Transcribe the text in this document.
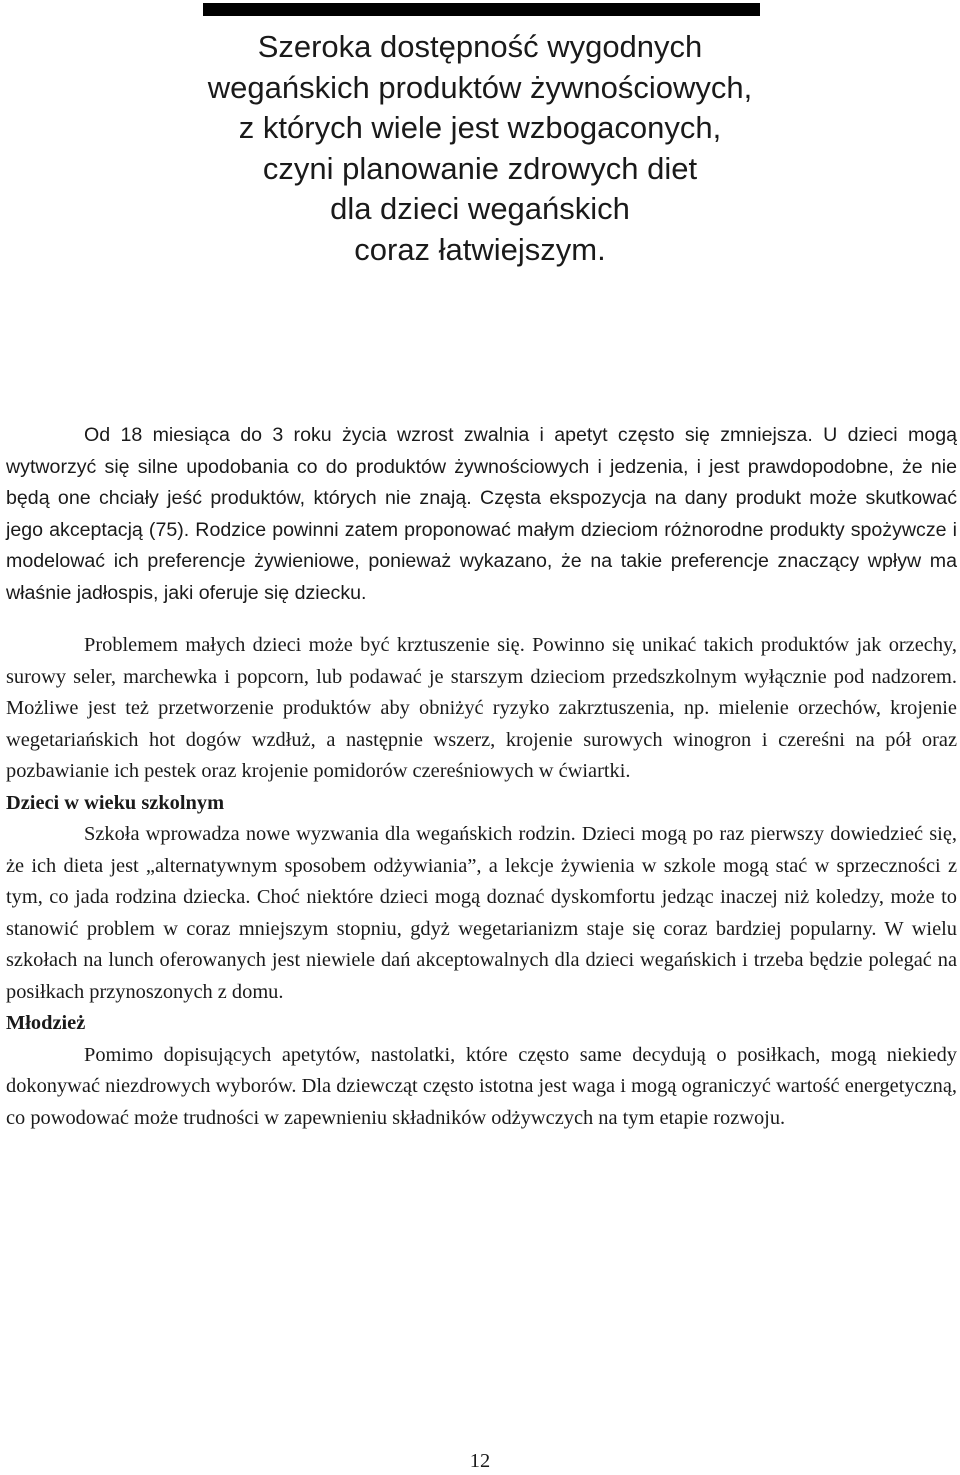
Szeroka dostępność wygodnych
wegańskich produktów żywnościowych,
z których wiele jest wzbogaconych,
czyni planowanie zdrowych diet
dla dzieci wegańskich
coraz łatwiejszym.

Od 18 miesiąca do 3 roku życia wzrost zwalnia i apetyt często się zmniejsza. U dzieci mogą wytworzyć się silne upodobania co do produktów żywnościowych i jedzenia, i jest prawdopodobne, że nie będą one chciały jeść produktów, których nie znają. Częsta ekspozycja na dany produkt może skutkować jego akceptacją (75). Rodzice powinni zatem proponować małym dzieciom różnorodne produkty spożywcze i modelować ich preferencje żywieniowe, ponieważ wykazano, że na takie preferencje znaczący wpływ ma właśnie jadłospis, jaki oferuje się dziecku.

Problemem małych dzieci może być krztuszenie się. Powinno się unikać takich produktów jak orzechy, surowy seler, marchewka i popcorn, lub podawać je starszym dzieciom przedszkolnym wyłącznie pod nadzorem. Możliwe jest też przetworzenie produktów aby obniżyć ryzyko zakrztuszenia, np. mielenie orzechów, krojenie wegetariańskich hot dogów wzdłuż, a następnie wszerz, krojenie surowych winogron i czereśni na pół oraz pozbawianie ich pestek oraz krojenie pomidorów czereśniowych w ćwiartki.

Dzieci w wieku szkolnym

Szkoła wprowadza nowe wyzwania dla wegańskich rodzin. Dzieci mogą po raz pierwszy dowiedzieć się, że ich dieta jest „alternatywnym sposobem odżywiania”, a lekcje żywienia w szkole mogą stać w sprzeczności z tym, co jada rodzina dziecka. Choć niektóre dzieci mogą doznać dyskomfortu jedząc inaczej niż koledzy, może to stanowić problem w coraz mniejszym stopniu, gdyż wegetarianizm staje się coraz bardziej popularny. W wielu szkołach na lunch oferowanych jest niewiele dań akceptowalnych dla dzieci wegańskich i trzeba będzie polegać na posiłkach przynoszonych z domu.

Młodzież

Pomimo dopisujących apetytów, nastolatki, które często same decydują o posiłkach, mogą niekiedy dokonywać niezdrowych wyborów. Dla dziewcząt często istotna jest waga i mogą ograniczyć wartość energetyczną, co powodować może trudności w zapewnieniu składników odżywczych na tym etapie rozwoju.

12
